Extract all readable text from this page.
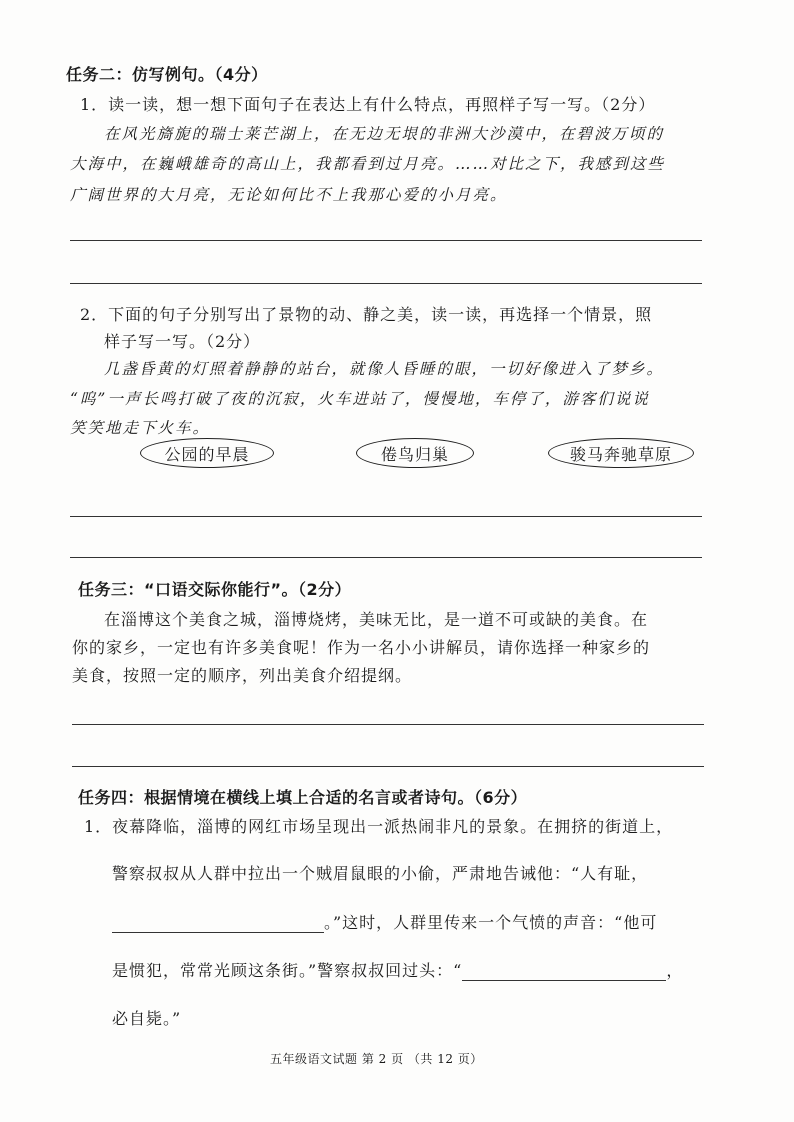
任务二：仿写例句。（4分）
1．读一读，想一想下面句子在表达上有什么特点，再照样子写一写。（2分）
在风光旖旎的瑞士莱芒湖上，在无边无垠的非洲大沙漠中，在碧波万顷的
大海中，在巍峨雄奇的高山上，我都看到过月亮。……对比之下，我感到这些
广阔世界的大月亮，无论如何比不上我那心爱的小月亮。
2．下面的句子分别写出了景物的动、静之美，读一读，再选择一个情景，照
样子写一写。（2分）
几盏昏黄的灯照着静静的站台，就像人昏睡的眼，一切好像进入了梦乡。
“呜”一声长鸣打破了夜的沉寂，火车进站了，慢慢地，车停了，游客们说说
笑笑地走下火车。
公园的早晨	倦鸟归巢	骏马奔驰草原
任务三：“口语交际你能行”。（2分）
在淄博这个美食之城，淄博烧烤，美味无比，是一道不可或缺的美食。在
你的家乡，一定也有许多美食呢！作为一名小小讲解员，请你选择一种家乡的
美食，按照一定的顺序，列出美食介绍提纲。
任务四：根据情境在横线上填上合适的名言或者诗句。（6分）
1．夜幕降临，淄博的网红市场呈现出一派热闹非凡的景象。在拥挤的街道上，
警察叔叔从人群中拉出一个贼眉鼠眼的小偷，严肃地告诫他：“人有耻，
。”这时，人群里传来一个气愤的声音：“他可
是惯犯，常常光顾这条街。”警察叔叔回过头：“	，
必自毙。”
五年级语文试题 第 2 页 （共 12 页）
